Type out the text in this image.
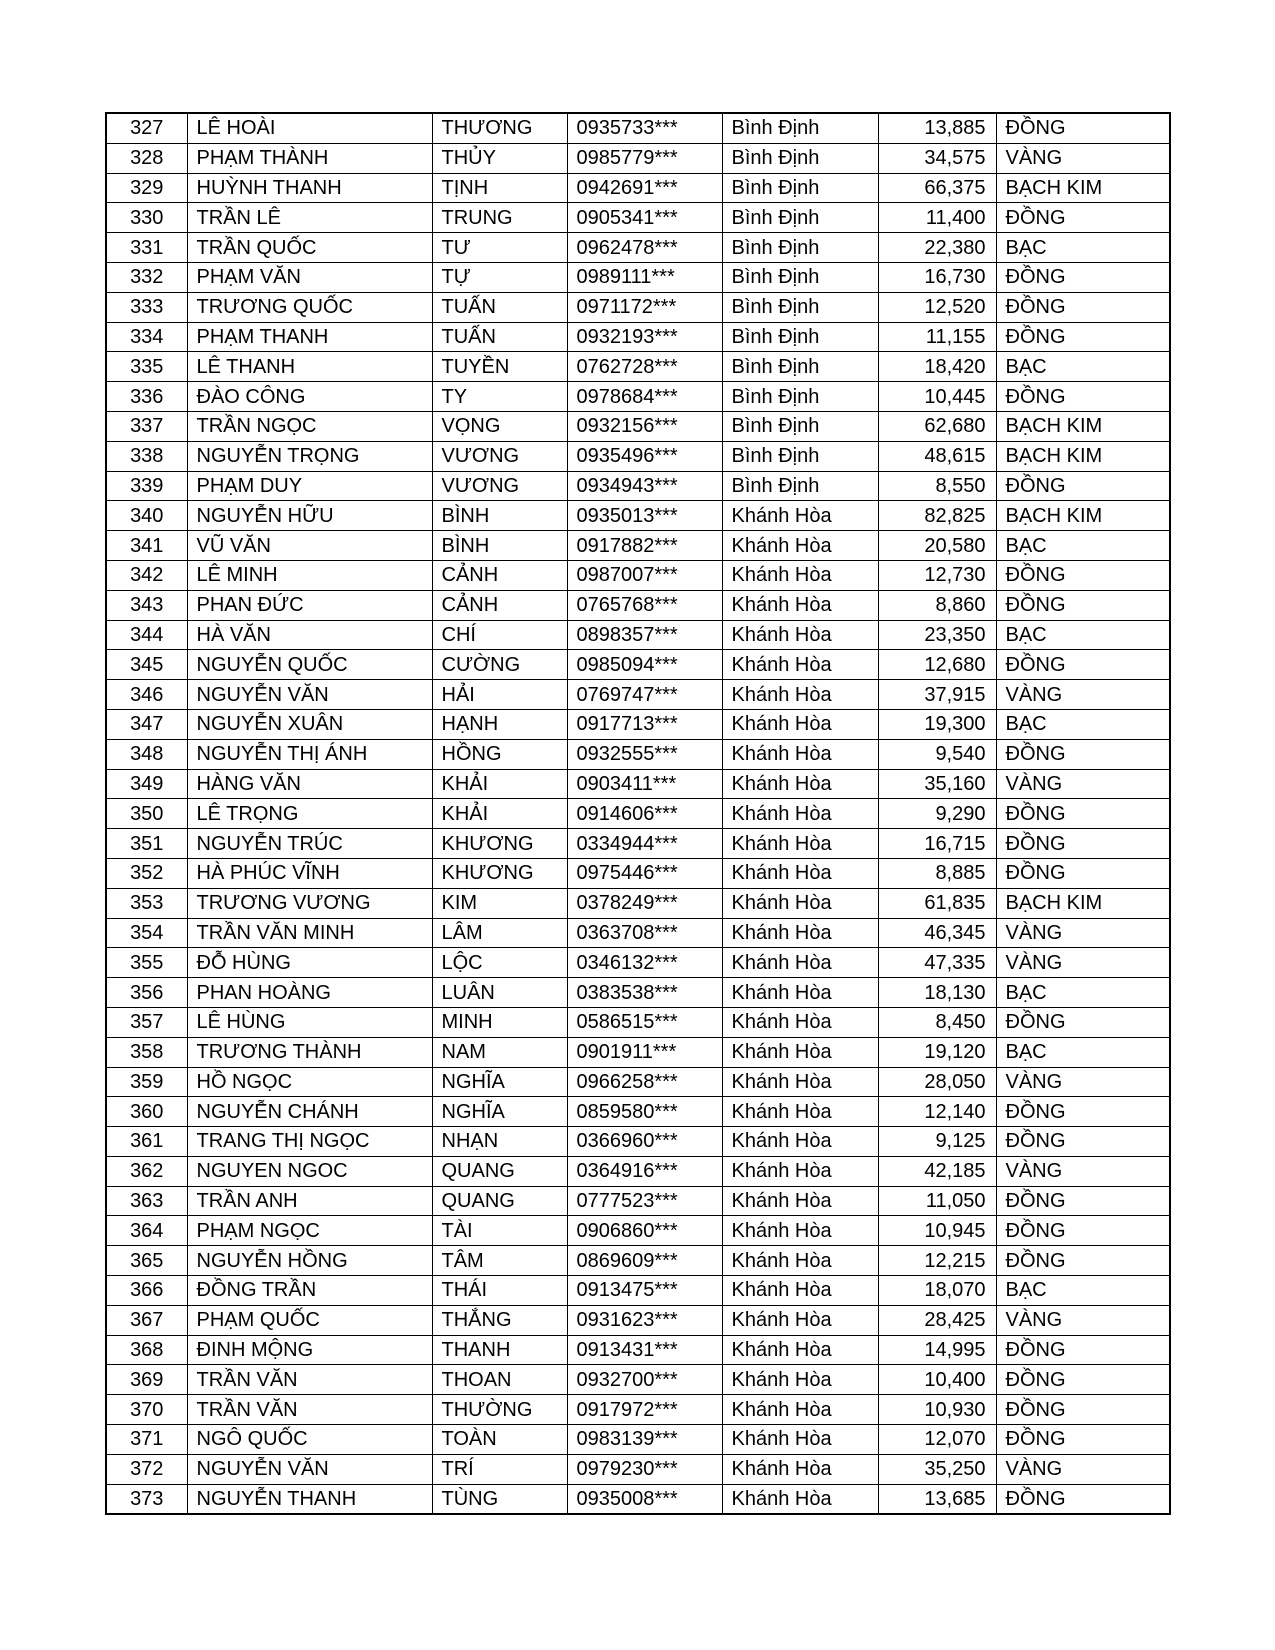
327	LÊ HOÀI	THƯƠNG	0935733***	Bình Định	13,885	ĐỒNG
328	PHẠM THÀNH	THỦY	0985779***	Bình Định	34,575	VÀNG
329	HUỲNH THANH	TỊNH	0942691***	Bình Định	66,375	BẠCH KIM
330	TRẦN LÊ	TRUNG	0905341***	Bình Định	11,400	ĐỒNG
331	TRẦN QUỐC	TƯ	0962478***	Bình Định	22,380	BẠC
332	PHẠM VĂN	TỰ	0989111***	Bình Định	16,730	ĐỒNG
333	TRƯƠNG QUỐC	TUẤN	0971172***	Bình Định	12,520	ĐỒNG
334	PHẠM THANH	TUẤN	0932193***	Bình Định	11,155	ĐỒNG
335	LÊ THANH	TUYỀN	0762728***	Bình Định	18,420	BẠC
336	ĐÀO CÔNG	TY	0978684***	Bình Định	10,445	ĐỒNG
337	TRẦN NGỌC	VỌNG	0932156***	Bình Định	62,680	BẠCH KIM
338	NGUYỄN TRỌNG	VƯƠNG	0935496***	Bình Định	48,615	BẠCH KIM
339	PHẠM DUY	VƯƠNG	0934943***	Bình Định	8,550	ĐỒNG
340	NGUYỄN HỮU	BÌNH	0935013***	Khánh Hòa	82,825	BẠCH KIM
341	VŨ VĂN	BÌNH	0917882***	Khánh Hòa	20,580	BẠC
342	LÊ MINH	CẢNH	0987007***	Khánh Hòa	12,730	ĐỒNG
343	PHAN ĐỨC	CẢNH	0765768***	Khánh Hòa	8,860	ĐỒNG
344	HÀ VĂN	CHÍ	0898357***	Khánh Hòa	23,350	BẠC
345	NGUYỄN QUỐC	CƯỜNG	0985094***	Khánh Hòa	12,680	ĐỒNG
346	NGUYỄN VĂN	HẢI	0769747***	Khánh Hòa	37,915	VÀNG
347	NGUYỄN XUÂN	HẠNH	0917713***	Khánh Hòa	19,300	BẠC
348	NGUYỄN THỊ ÁNH	HỒNG	0932555***	Khánh Hòa	9,540	ĐỒNG
349	HÀNG VĂN	KHẢI	0903411***	Khánh Hòa	35,160	VÀNG
350	LÊ TRỌNG	KHẢI	0914606***	Khánh Hòa	9,290	ĐỒNG
351	NGUYỄN TRÚC	KHƯƠNG	0334944***	Khánh Hòa	16,715	ĐỒNG
352	HÀ PHÚC VĨNH	KHƯƠNG	0975446***	Khánh Hòa	8,885	ĐỒNG
353	TRƯƠNG VƯƠNG	KIM	0378249***	Khánh Hòa	61,835	BẠCH KIM
354	TRẦN VĂN MINH	LÂM	0363708***	Khánh Hòa	46,345	VÀNG
355	ĐỖ HÙNG	LỘC	0346132***	Khánh Hòa	47,335	VÀNG
356	PHAN HOÀNG	LUÂN	0383538***	Khánh Hòa	18,130	BẠC
357	LÊ HÙNG	MINH	0586515***	Khánh Hòa	8,450	ĐỒNG
358	TRƯƠNG THÀNH	NAM	0901911***	Khánh Hòa	19,120	BẠC
359	HỒ NGỌC	NGHĨA	0966258***	Khánh Hòa	28,050	VÀNG
360	NGUYỄN CHÁNH	NGHĨA	0859580***	Khánh Hòa	12,140	ĐỒNG
361	TRANG THỊ NGỌC	NHẠN	0366960***	Khánh Hòa	9,125	ĐỒNG
362	NGUYEN NGOC	QUANG	0364916***	Khánh Hòa	42,185	VÀNG
363	TRẦN ANH	QUANG	0777523***	Khánh Hòa	11,050	ĐỒNG
364	PHẠM NGỌC	TÀI	0906860***	Khánh Hòa	10,945	ĐỒNG
365	NGUYỄN HỒNG	TÂM	0869609***	Khánh Hòa	12,215	ĐỒNG
366	ĐỒNG TRẦN	THÁI	0913475***	Khánh Hòa	18,070	BẠC
367	PHẠM QUỐC	THẮNG	0931623***	Khánh Hòa	28,425	VÀNG
368	ĐINH MỘNG	THANH	0913431***	Khánh Hòa	14,995	ĐỒNG
369	TRẦN VĂN	THOAN	0932700***	Khánh Hòa	10,400	ĐỒNG
370	TRẦN VĂN	THƯỜNG	0917972***	Khánh Hòa	10,930	ĐỒNG
371	NGÔ QUỐC	TOÀN	0983139***	Khánh Hòa	12,070	ĐỒNG
372	NGUYỄN VĂN	TRÍ	0979230***	Khánh Hòa	35,250	VÀNG
373	NGUYỄN THANH	TÙNG	0935008***	Khánh Hòa	13,685	ĐỒNG
